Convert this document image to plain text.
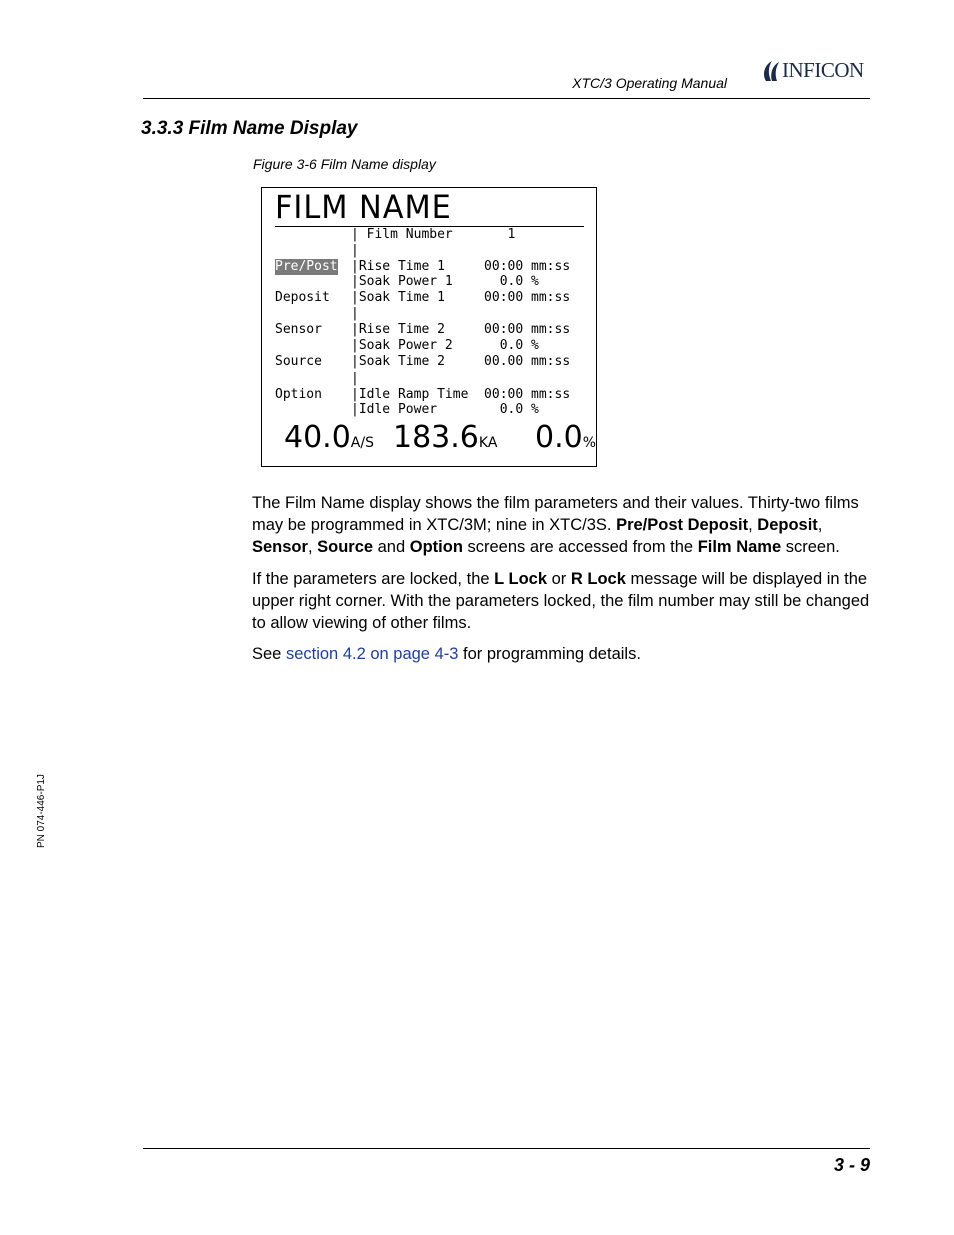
XTC/3 Operating Manual
INFICON
3.3.3 Film Name Display
Figure 3-6 Film Name display
FILM NAME
| Film Number       1
|
Pre/Post |Rise Time 1     00:00 mm:ss
|Soak Power 1      0.0 %
Deposit |Soak Time 1     00:00 mm:ss
|
Sensor |Rise Time 2     00:00 mm:ss
|Soak Power 2      0.0 %
Source |Soak Time 2     00.00 mm:ss
|
Option |Idle Ramp Time  00:00 mm:ss
|Idle Power        0.0 %
40.0A/S 183.6KA 0.0%
The Film Name display shows the film parameters and their values. Thirty-two films may be programmed in XTC/3M; nine in XTC/3S. Pre/Post Deposit, Deposit, Sensor, Source and Option screens are accessed from the Film Name screen.
If the parameters are locked, the L Lock or R Lock message will be displayed in the upper right corner. With the parameters locked, the film number may still be changed to allow viewing of other films.
See section 4.2 on page 4-3 for programming details.
PN 074-446-P1J
3 - 9
